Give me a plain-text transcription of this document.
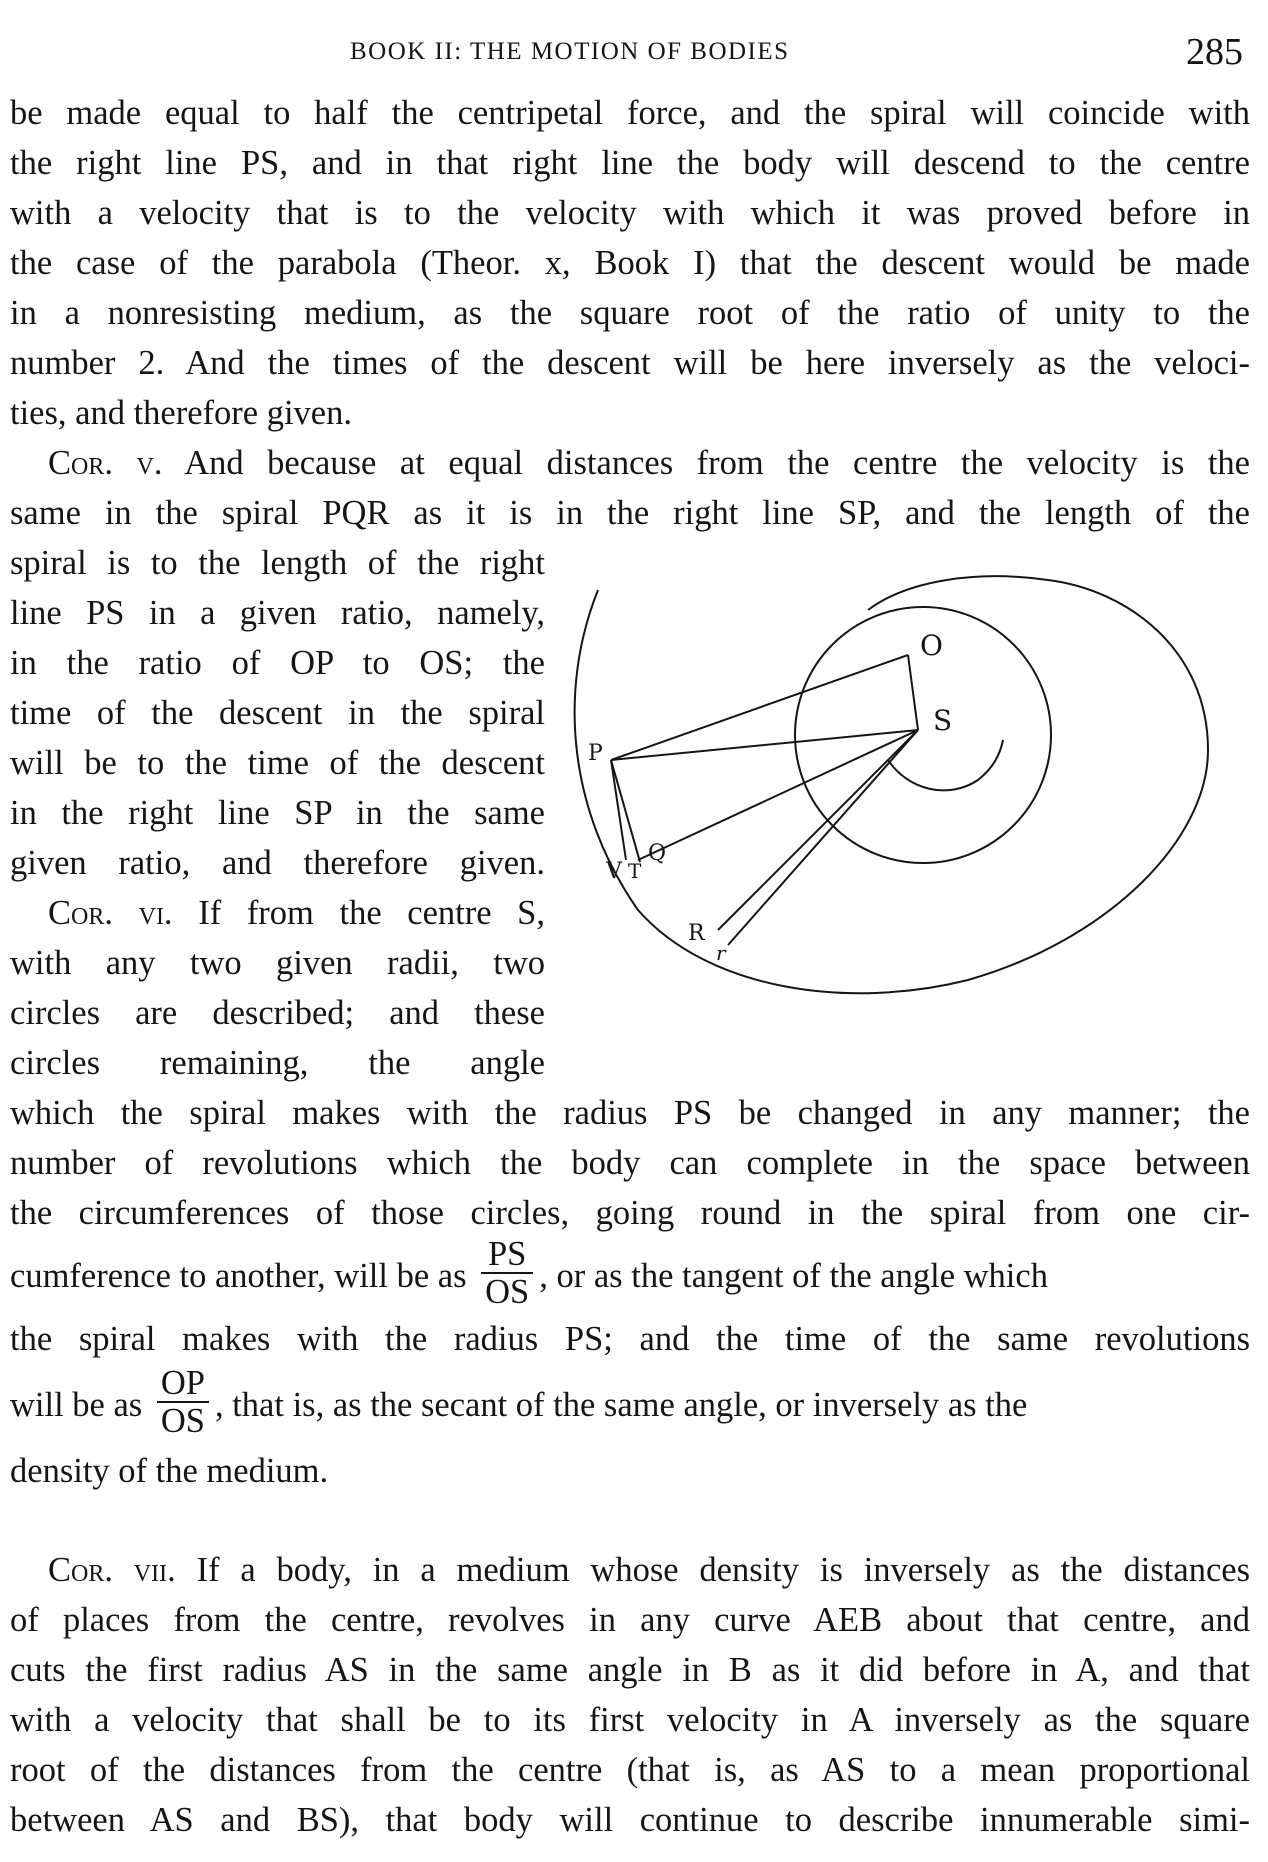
BOOK II: THE MOTION OF BODIES	285
be made equal to half the centripetal force, and the spiral will coincide with
the right line PS, and in that right line the body will descend to the centre
with a velocity that is to the velocity with which it was proved before in
the case of the parabola (Theor. x, Book I) that the descent would be made
in a nonresisting medium, as the square root of the ratio of unity to the
number 2. And the times of the descent will be here inversely as the veloci-
ties, and therefore given.
Cor. v. And because at equal distances from the centre the velocity is the
same in the spiral PQR as it is in the right line SP, and the length of the
spiral is to the length of the right
line PS in a given ratio, namely,
in the ratio of OP to OS; the
time of the descent in the spiral
will be to the time of the descent
in the right line SP in the same
given ratio, and therefore given.
Cor. vi. If from the centre S,
with any two given radii, two
circles are described; and these
circles remaining, the angle
which the spiral makes with the radius PS be changed in any manner; the
number of revolutions which the body can complete in the space between
the circumferences of those circles, going round in the spiral from one cir-
cumference to another, will be as $\frac{PS}{OS}$ , or as the tangent of the angle which
the spiral makes with the radius PS; and the time of the same revolutions
will be as $\frac{OP}{OS}$ , that is, as the secant of the same angle, or inversely as the
density of the medium.
Cor. vii. If a body, in a medium whose density is inversely as the distances
of places from the centre, revolves in any curve AEB about that centre, and
cuts the first radius AS in the same angle in B as it did before in A, and that
with a velocity that shall be to its first velocity in A inversely as the square
root of the distances from the centre (that is, as AS to a mean proportional
between AS and BS), that body will continue to describe innumerable simi-
O
S
P
Q
V T
R
r
